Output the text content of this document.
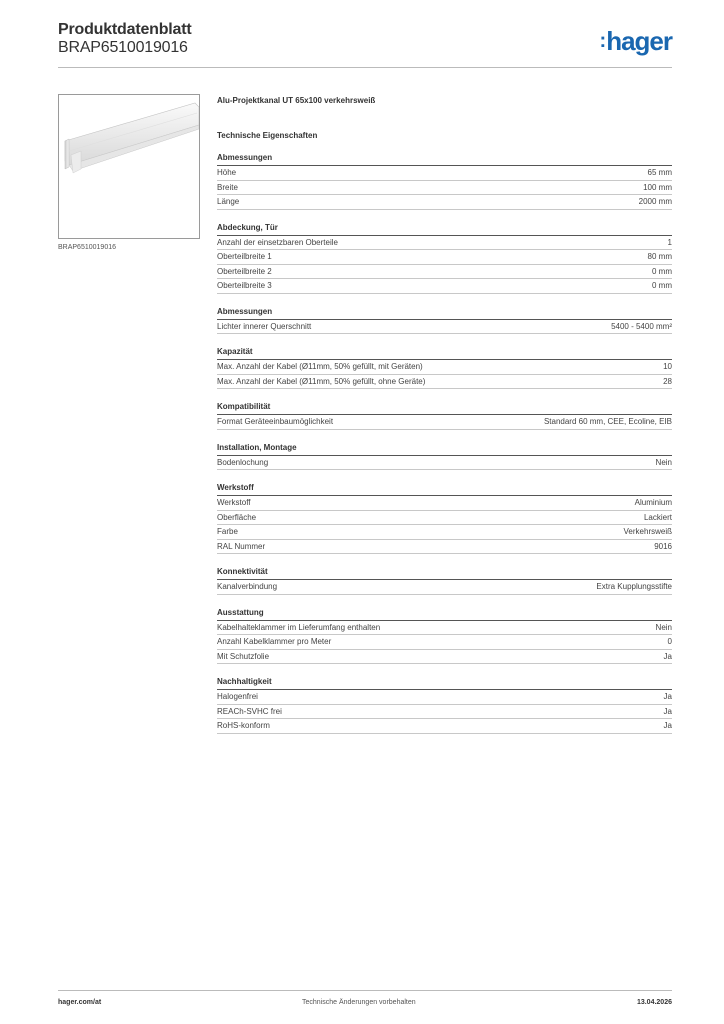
Produktdatenblatt
BRAP6510019016	:hager
BRAP6510019016
Alu-Projektkanal UT 65x100 verkehrsweiß
Technische Eigenschaften
Abmessungen
Höhe	65 mm
Breite	100 mm
Länge	2000 mm
Abdeckung, Tür
Anzahl der einsetzbaren Oberteile	1
Oberteilbreite 1	80 mm
Oberteilbreite 2	0 mm
Oberteilbreite 3	0 mm
Abmessungen
Lichter innerer Querschnitt	5400 - 5400 mm²
Kapazität
Max. Anzahl der Kabel (Ø11mm, 50% gefüllt, mit Geräten)	10
Max. Anzahl der Kabel (Ø11mm, 50% gefüllt, ohne Geräte)	28
Kompatibilität
Format Geräteeinbaumöglichkeit	Standard 60 mm, CEE, Ecoline, EIB
Installation, Montage
Bodenlochung	Nein
Werkstoff
Werkstoff	Aluminium
Oberfläche	Lackiert
Farbe	Verkehrsweiß
RAL Nummer	9016
Konnektivität
Kanalverbindung	Extra Kupplungsstifte
Ausstattung
Kabelhalteklammer im Lieferumfang enthalten	Nein
Anzahl Kabelklammer pro Meter	0
Mit Schutzfolie	Ja
Nachhaltigkeit
Halogenfrei	Ja
REACh-SVHC frei	Ja
RoHS-konform	Ja
hager.com/at	Technische Änderungen vorbehalten	13.04.2026
